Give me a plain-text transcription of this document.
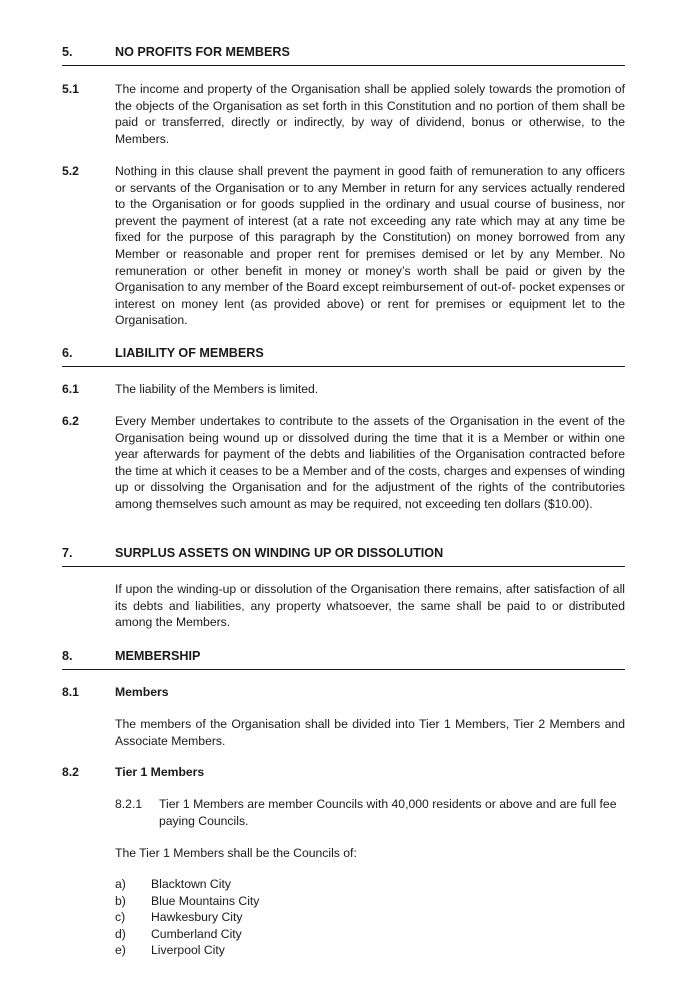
5.	NO PROFITS FOR MEMBERS
5.1	The income and property of the Organisation shall be applied solely towards the promotion of the objects of the Organisation as set forth in this Constitution and no portion of them shall be paid or transferred, directly or indirectly, by way of dividend, bonus or otherwise, to the Members.
5.2	Nothing in this clause shall prevent the payment in good faith of remuneration to any officers or servants of the Organisation or to any Member in return for any services actually rendered to the Organisation or for goods supplied in the ordinary and usual course of business, nor prevent the payment of interest (at a rate not exceeding any rate which may at any time be fixed for the purpose of this paragraph by the Constitution) on money borrowed from any Member or reasonable and proper rent for premises demised or let by any Member. No remuneration or other benefit in money or money’s worth shall be paid or given by the Organisation to any member of the Board except reimbursement of out-of- pocket expenses or interest on money lent (as provided above) or rent for premises or equipment let to the Organisation.
6.	LIABILITY OF MEMBERS
6.1	The liability of the Members is limited.
6.2	Every Member undertakes to contribute to the assets of the Organisation in the event of the Organisation being wound up or dissolved during the time that it is a Member or within one year afterwards for payment of the debts and liabilities of the Organisation contracted before the time at which it ceases to be a Member and of the costs, charges and expenses of winding up or dissolving the Organisation and for the adjustment of the rights of the contributories among themselves such amount as may be required, not exceeding ten dollars ($10.00).
7.	SURPLUS ASSETS ON WINDING UP OR DISSOLUTION
If upon the winding-up or dissolution of the Organisation there remains, after satisfaction of all its debts and liabilities, any property whatsoever, the same shall be paid to or distributed among the Members.
8.	MEMBERSHIP
8.1	Members
The members of the Organisation shall be divided into Tier 1 Members, Tier 2 Members and Associate Members.
8.2	Tier 1 Members
8.2.1 Tier 1 Members are member Councils with 40,000 residents or above and are full fee paying Councils.
The Tier 1 Members shall be the Councils of:
a) Blacktown City
b) Blue Mountains City
c) Hawkesbury City
d) Cumberland City
e) Liverpool City
